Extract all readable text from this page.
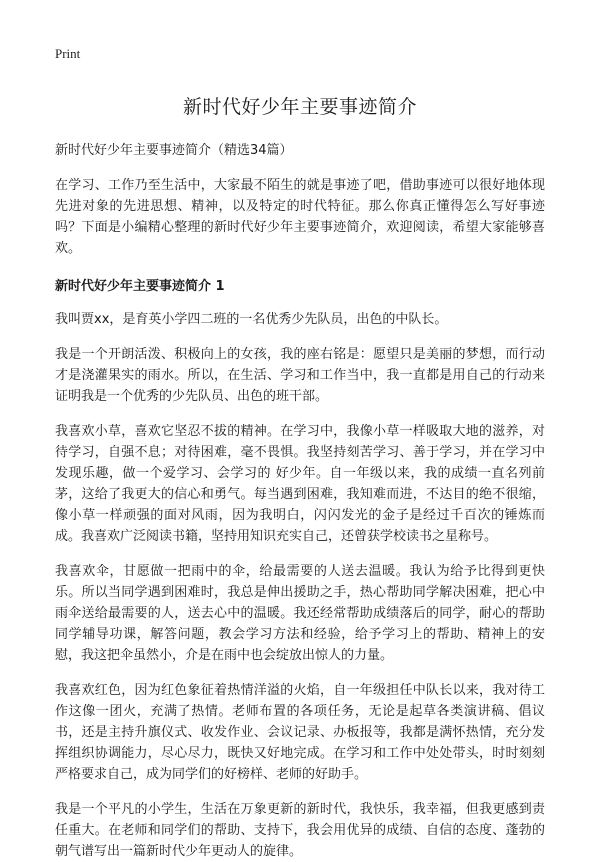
Print
新时代好少年主要事迹简介
新时代好少年主要事迹简介（精选34篇）

在学习、工作乃至生活中，大家最不陌生的就是事迹了吧，借助事迹可以很好地体现先进对象的先进思想、精神，以及特定的时代特征。那么你真正懂得怎么写好事迹吗？下面是小编精心整理的新时代好少年主要事迹简介，欢迎阅读，希望大家能够喜欢。

新时代好少年主要事迹简介 1

我叫贾xx，是育英小学四二班的一名优秀少先队员，出色的中队长。

我是一个开朗活泼、积极向上的女孩，我的座右铭是：愿望只是美丽的梦想，而行动才是浇灌果实的雨水。所以，在生活、学习和工作当中，我一直都是用自己的行动来证明我是一个优秀的少先队员、出色的班干部。

我喜欢小草，喜欢它坚忍不拔的精神。在学习中，我像小草一样吸取大地的滋养，对待学习，自强不息；对待困难，毫不畏惧。我坚持刻苦学习、善于学习，并在学习中发现乐趣，做一个爱学习、会学习的 好少年。自一年级以来，我的成绩一直名列前茅，这给了我更大的信心和勇气。每当遇到困难，我知难而进，不达目的绝不很缩，像小草一样顽强的面对风雨，因为我明白，闪闪发光的金子是经过千百次的锤炼而成。我喜欢广泛阅读书籍，坚持用知识充实自己，还曾获学校读书之星称号。

我喜欢伞，甘愿做一把雨中的伞，给最需要的人送去温暖。我认为给予比得到更快乐。所以当同学遇到困难时，我总是伸出援助之手，热心帮助同学解决困难，把心中雨伞送给最需要的人，送去心中的温暖。我还经常帮助成绩落后的同学，耐心的帮助同学辅导功课，解答问题，教会学习方法和经验，给予学习上的帮助、精神上的安慰，我这把伞虽然小，介是在雨中也会绽放出惊人的力量。

我喜欢红色，因为红色象征着热情洋溢的火焰，自一年级担任中队长以来，我对待工作这像一团火，充满了热情。老师布置的各项任务，无论是起草各类演讲稿、倡议书，还是主持升旗仪式、收发作业、会议记录、办板报等，我都是满怀热情，充分发挥组织协调能力，尽心尽力，既快又好地完成。在学习和工作中处处带头，时时刻刻严格要求自己，成为同学们的好榜样、老师的好助手。

我是一个平凡的小学生，生活在万象更新的新时代，我快乐，我幸福，但我更感到责任重大。在老师和同学们的帮助、支持下，我会用优异的成绩、自信的态度、蓬勃的朝气谱写出一篇新时代少年更动人的旋律。
